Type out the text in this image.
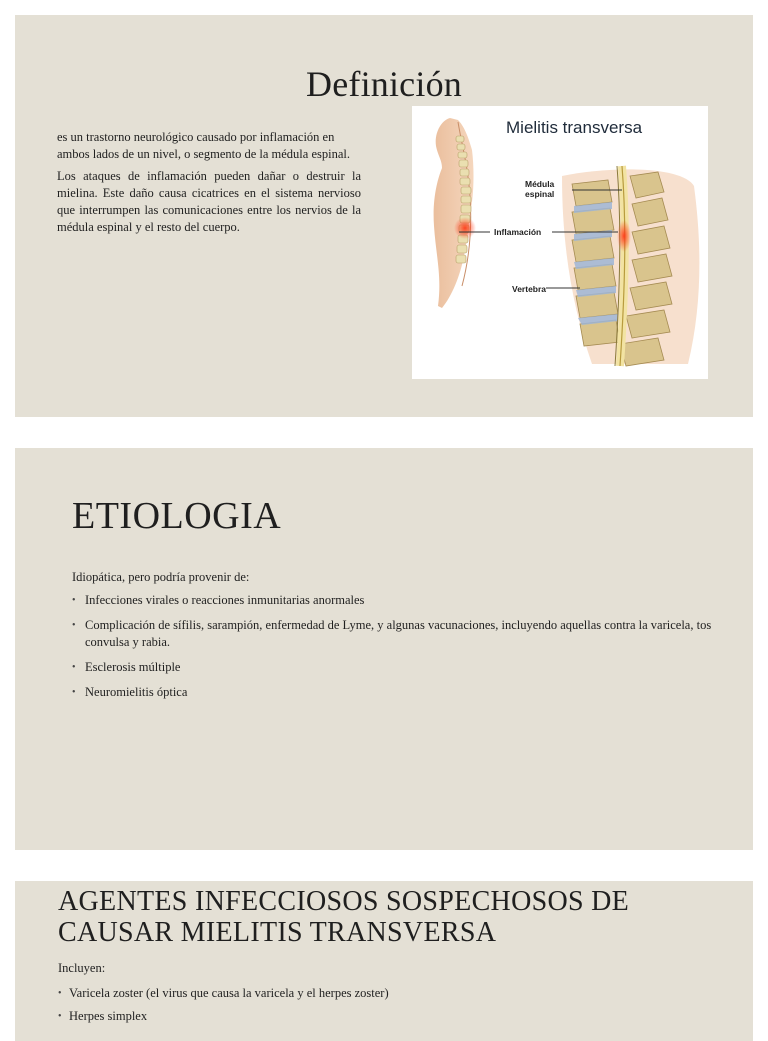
Definición

es un trastorno neurológico causado por inflamación en ambos lados de un nivel, o segmento de la médula espinal.

Los ataques de inflamación pueden dañar o destruir la mielina. Este daño causa cicatrices en el sistema nervioso que interrumpen las comunicaciones entre los nervios de la médula espinal y el resto del cuerpo.

Mielitis transversa
Médula
espinal
Inflamación
Vertebra
ETIOLOGIA
Idiopática, pero podría provenir de:
• Infecciones virales o reacciones inmunitarias anormales
• Complicación de sífilis, sarampión, enfermedad de Lyme, y algunas vacunaciones, incluyendo aquellas contra la varicela, tos convulsa y rabia.
• Esclerosis múltiple
• Neuromielitis óptica
AGENTES INFECCIOSOS SOSPECHOSOS DE CAUSAR MIELITIS TRANSVERSA
Incluyen:
• Varicela zoster (el virus que causa la varicela y el herpes zoster)
• Herpes simplex
